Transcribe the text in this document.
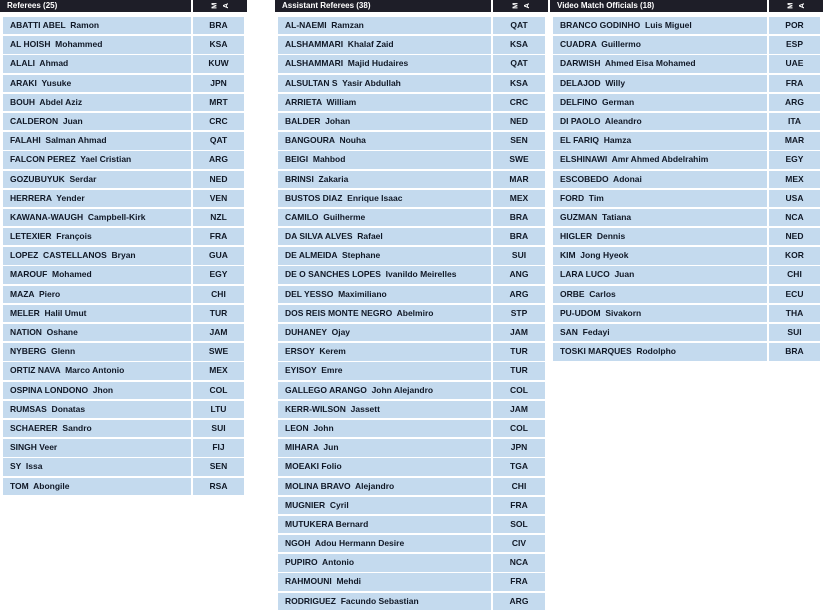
Referees (25)	M A
ABATTI ABEL  Ramon	BRA
AL HOISH  Mohammed	KSA
ALALI  Ahmad	KUW
ARAKI  Yusuke	JPN
BOUH  Abdel Aziz	MRT
CALDERON  Juan	CRC
FALAHI  Salman Ahmad	QAT
FALCON PEREZ  Yael Cristian	ARG
GOZUBUYUK  Serdar	NED
HERRERA  Yender	VEN
KAWANA-WAUGH  Campbell-Kirk	NZL
LETEXIER  François	FRA
LOPEZ  CASTELLANOS  Bryan	GUA
MAROUF  Mohamed	EGY
MAZA  Piero	CHI
MELER  Halil Umut	TUR
NATION  Oshane	JAM
NYBERG  Glenn	SWE
ORTIZ NAVA  Marco Antonio	MEX
OSPINA LONDONO  Jhon	COL
RUMSAS  Donatas	LTU
SCHAERER  Sandro	SUI
SINGH Veer	FIJ
SY  Issa	SEN
TOM  Abongile	RSA
Assistant Referees (38)	M A
AL-NAEMI  Ramzan	QAT
ALSHAMMARI  Khalaf Zaid	KSA
ALSHAMMARI  Majid Hudaires	QAT
ALSULTAN S  Yasir Abdullah	KSA
ARRIETA  William	CRC
BALDER  Johan	NED
BANGOURA  Nouha	SEN
BEIGI  Mahbod	SWE
BRINSI  Zakaria	MAR
BUSTOS DIAZ  Enrique Isaac	MEX
CAMILO  Guilherme	BRA
DA SILVA ALVES  Rafael	BRA
DE ALMEIDA  Stephane	SUI
DE O SANCHES LOPES  Ivanildo Meirelles	ANG
DEL YESSO  Maximiliano	ARG
DOS REIS MONTE NEGRO  Abelmiro	STP
DUHANEY  Ojay	JAM
ERSOY  Kerem	TUR
EYISOY  Emre	TUR
GALLEGO ARANGO  John Alejandro	COL
KERR-WILSON  Jassett	JAM
LEON  John	COL
MIHARA  Jun	JPN
MOEAKI Folio	TGA
MOLINA BRAVO  Alejandro	CHI
MUGNIER  Cyril	FRA
MUTUKERA Bernard	SOL
NGOH  Adou Hermann Desire	CIV
PUPIRO  Antonio	NCA
RAHMOUNI  Mehdi	FRA
RODRIGUEZ  Facundo Sebastian	ARG
Video Match Officials (18)	M A
BRANCO GODINHO  Luis Miguel	POR
CUADRA  Guillermo	ESP
DARWISH  Ahmed Eisa Mohamed	UAE
DELAJOD  Willy	FRA
DELFINO  German	ARG
DI PAOLO  Aleandro	ITA
EL FARIQ  Hamza	MAR
ELSHINAWI  Amr Ahmed Abdelrahim	EGY
ESCOBEDO  Adonai	MEX
FORD  Tim	USA
GUZMAN  Tatiana	NCA
HIGLER  Dennis	NED
KIM  Jong Hyeok	KOR
LARA LUCO  Juan	CHI
ORBE  Carlos	ECU
PU-UDOM  Sivakorn	THA
SAN  Fedayi	SUI
TOSKI MARQUES  Rodolpho	BRA
